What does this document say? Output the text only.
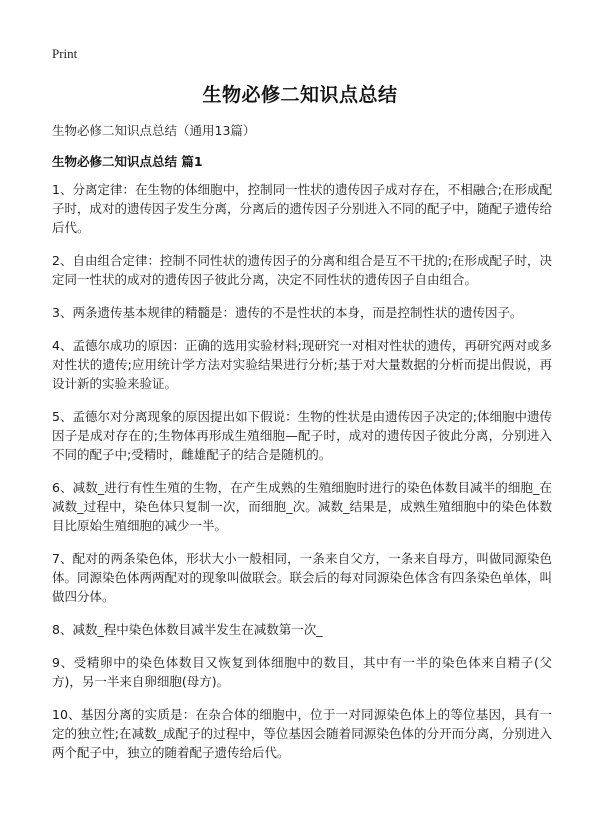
Print
生物必修二知识点总结
生物必修二知识点总结（通用13篇）
生物必修二知识点总结 篇1

1、分离定律：在生物的体细胞中，控制同一性状的遗传因子成对存在，不相融合;在形成配子时，成对的遗传因子发生分离，分离后的遗传因子分别进入不同的配子中，随配子遗传给后代。

2、自由组合定律：控制不同性状的遗传因子的分离和组合是互不干扰的;在形成配子时，决定同一性状的成对的遗传因子彼此分离，决定不同性状的遗传因子自由组合。

3、两条遗传基本规律的精髓是：遗传的不是性状的本身，而是控制性状的遗传因子。

4、孟德尔成功的原因：正确的选用实验材料;现研究一对相对性状的遗传，再研究两对或多对性状的遗传;应用统计学方法对实验结果进行分析;基于对大量数据的分析而提出假说，再设计新的实验来验证。

5、孟德尔对分离现象的原因提出如下假说：生物的性状是由遗传因子决定的;体细胞中遗传因子是成对存在的;生物体再形成生殖细胞—配子时，成对的遗传因子彼此分离，分别进入不同的配子中;受精时，雌雄配子的结合是随机的。

6、减数_进行有性生殖的生物，在产生成熟的生殖细胞时进行的染色体数目减半的细胞_在减数_过程中，染色体只复制一次，而细胞_次。减数_结果是，成熟生殖细胞中的染色体数目比原始生殖细胞的减少一半。

7、配对的两条染色体，形状大小一般相同，一条来自父方，一条来自母方，叫做同源染色体。同源染色体两两配对的现象叫做联会。联会后的每对同源染色体含有四条染色单体，叫做四分体。

8、减数_程中染色体数目减半发生在减数第一次_

9、受精卵中的染色体数目又恢复到体细胞中的数目，其中有一半的染色体来自精子(父方)，另一半来自卵细胞(母方)。

10、基因分离的实质是：在杂合体的细胞中，位于一对同源染色体上的等位基因，具有一定的独立性;在减数_成配子的过程中，等位基因会随着同源染色体的分开而分离，分别进入两个配子中，独立的随着配子遗传给后代。
